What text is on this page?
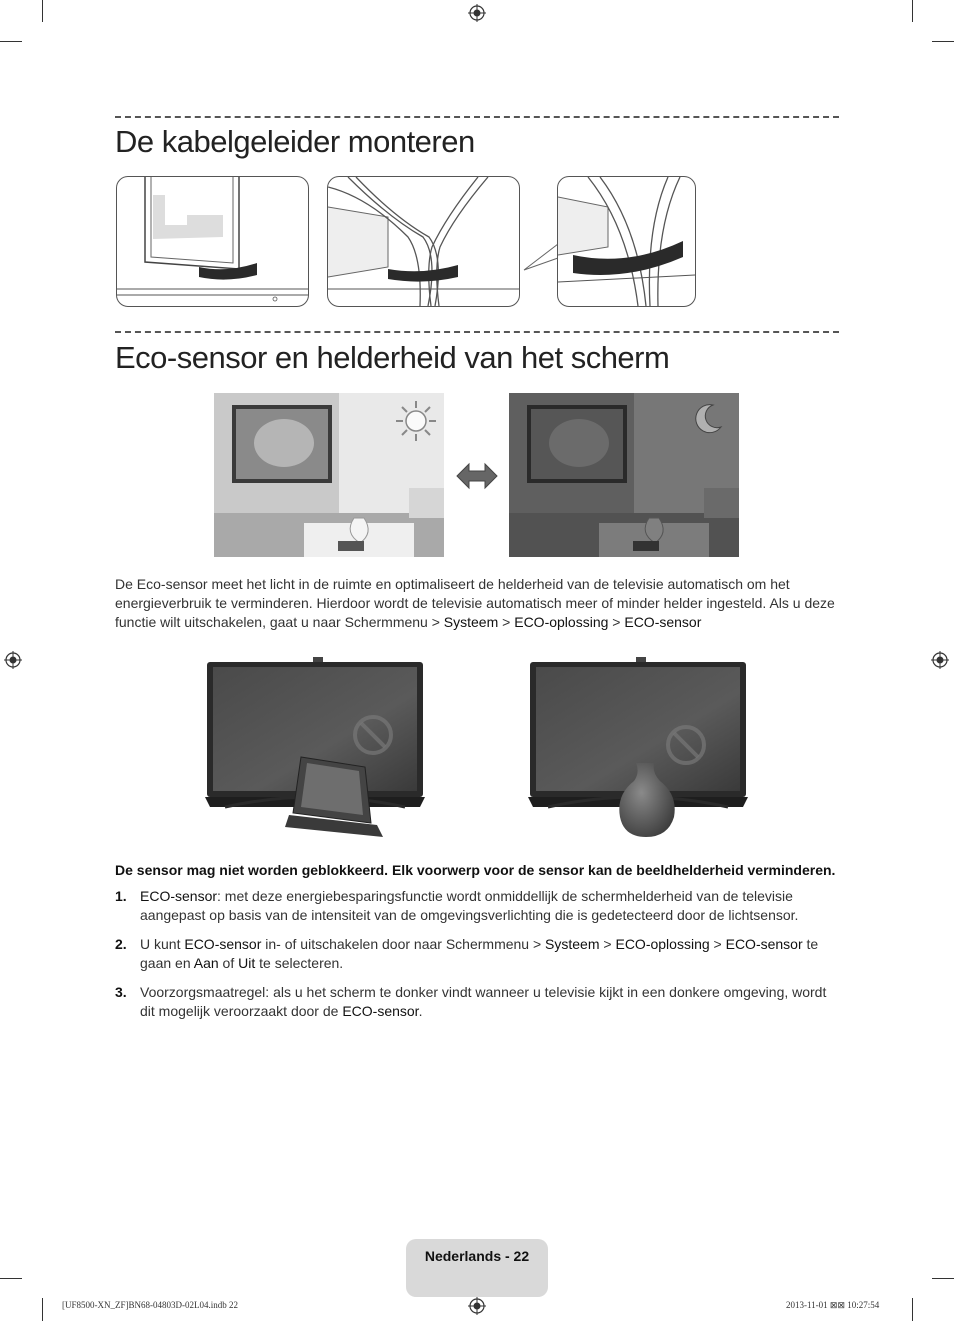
De kabelgeleider monteren
Eco-sensor en helderheid van het scherm
De Eco-sensor meet het licht in de ruimte en optimaliseert de helderheid van de televisie automatisch om het energieverbruik te verminderen. Hierdoor wordt de televisie automatisch meer of minder helder ingesteld. Als u deze functie wilt uitschakelen, gaat u naar Schermmenu > Systeem > ECO-oplossing > ECO-sensor
De sensor mag niet worden geblokkeerd. Elk voorwerp voor de sensor kan de beeldhelderheid verminderen.
1. ECO-sensor: met deze energiebesparingsfunctie wordt onmiddellijk de schermhelderheid van de televisie aangepast op basis van de intensiteit van de omgevingsverlichting die is gedetecteerd door de lichtsensor.
2. U kunt ECO-sensor in- of uitschakelen door naar Schermmenu > Systeem > ECO-oplossing > ECO-sensor te gaan en Aan of Uit te selecteren.
3. Voorzorgsmaatregel: als u het scherm te donker vindt wanneer u televisie kijkt in een donkere omgeving, wordt dit mogelijk veroorzaakt door de ECO-sensor.
Nederlands - 22
[UF8500-XN_ZF]BN68-04803D-02L04.indb 22	2013-11-01 ⊠⊠ 10:27:54
